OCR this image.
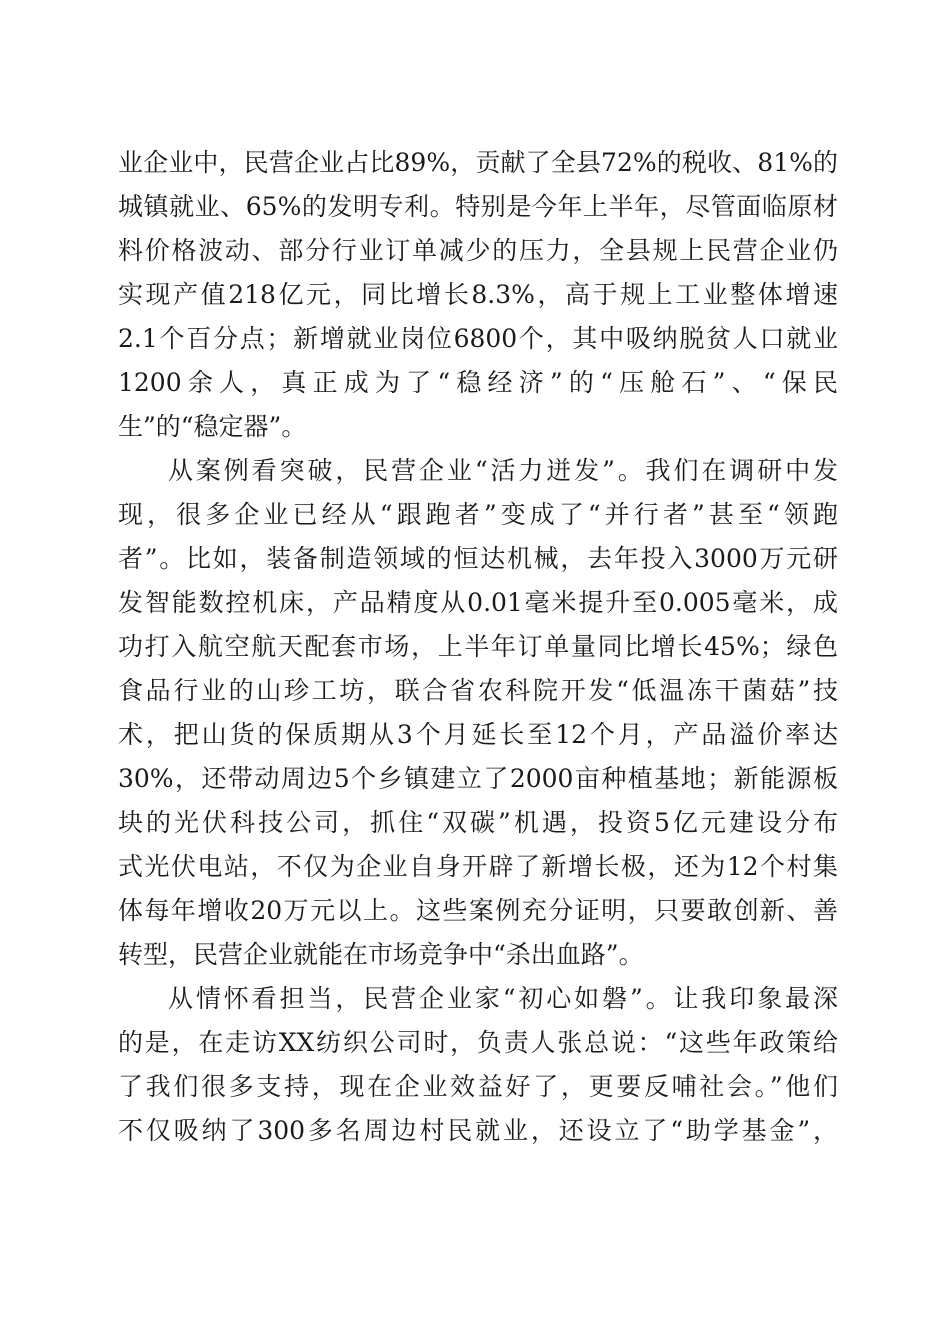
业企业中，民营企业占比89%，贡献了全县72%的税收、81%的
城镇就业、65%的发明专利。特别是今年上半年，尽管面临原材
料价格波动、部分行业订单减少的压力，全县规上民营企业仍
实现产值218亿元，同比增长8.3%，高于规上工业整体增速
2.1个百分点；新增就业岗位6800个，其中吸纳脱贫人口就业
1200余人，真正成为了“稳经济”的“压舱石”、“保民
生”的“稳定器”。
从案例看突破，民营企业“活力迸发”。我们在调研中发
现，很多企业已经从“跟跑者”变成了“并行者”甚至“领跑
者”。比如，装备制造领域的恒达机械，去年投入3000万元研
发智能数控机床，产品精度从0.01毫米提升至0.005毫米，成
功打入航空航天配套市场，上半年订单量同比增长45%；绿色
食品行业的山珍工坊，联合省农科院开发“低温冻干菌菇”技
术，把山货的保质期从3个月延长至12个月，产品溢价率达
30%，还带动周边5个乡镇建立了2000亩种植基地；新能源板
块的光伏科技公司，抓住“双碳”机遇，投资5亿元建设分布
式光伏电站，不仅为企业自身开辟了新增长极，还为12个村集
体每年增收20万元以上。这些案例充分证明，只要敢创新、善
转型，民营企业就能在市场竞争中“杀出血路”。
从情怀看担当，民营企业家“初心如磐”。让我印象最深
的是，在走访XX纺织公司时，负责人张总说：“这些年政策给
了我们很多支持，现在企业效益好了，更要反哺社会。”他们
不仅吸纳了300多名周边村民就业，还设立了“助学基金”，
